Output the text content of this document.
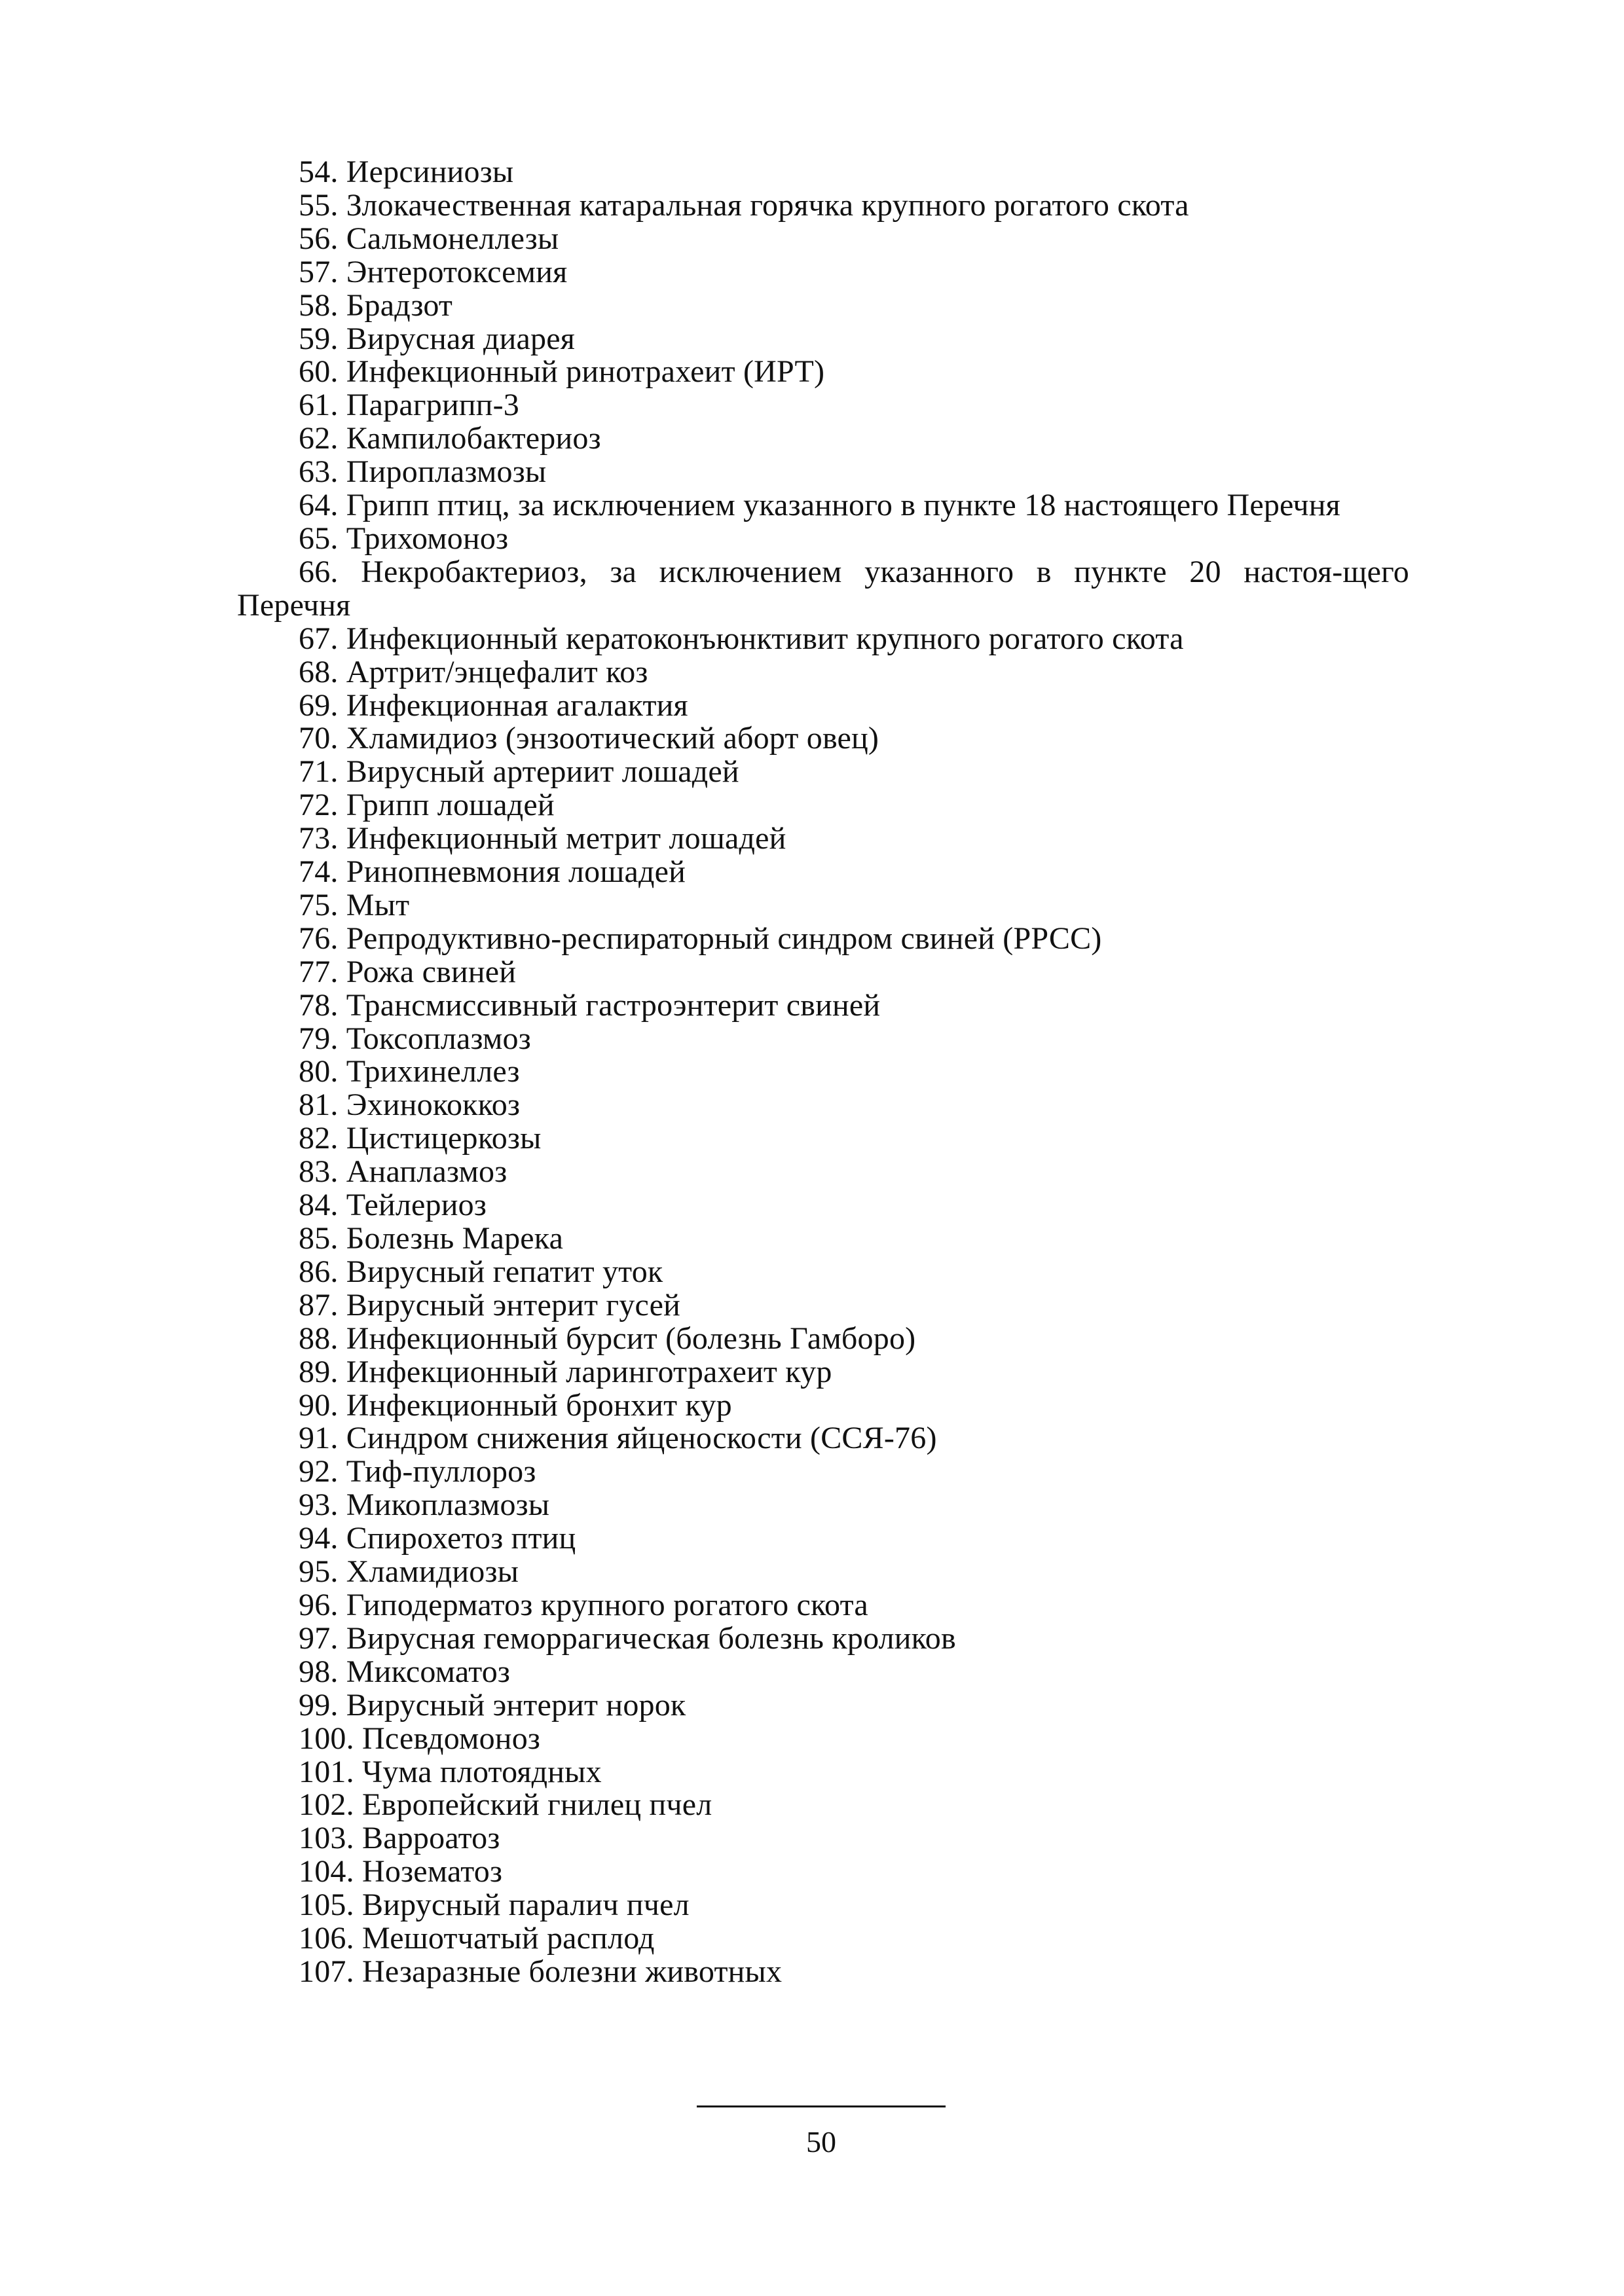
54. Иерсиниозы
55. Злокачественная катаральная горячка крупного рогатого скота
56. Сальмонеллезы
57. Энтеротоксемия
58. Брадзот
59. Вирусная диарея
60. Инфекционный ринотрахеит (ИРТ)
61. Парагрипп-3
62. Кампилобактериоз
63. Пироплазмозы
64. Грипп птиц, за исключением указанного в пункте 18 настоящего Перечня
65. Трихомоноз
66. Некробактериоз, за исключением указанного в пункте 20 настоя-щего Перечня
67. Инфекционный кератоконъюнктивит крупного рогатого скота
68. Артрит/энцефалит коз
69. Инфекционная агалактия
70. Хламидиоз (энзоотический аборт овец)
71. Вирусный артериит лошадей
72. Грипп лошадей
73. Инфекционный метрит лошадей
74. Ринопневмония лошадей
75. Мыт
76. Репродуктивно-респираторный синдром свиней (РРСС)
77. Рожа свиней
78. Трансмиссивный гастроэнтерит свиней
79. Токсоплазмоз
80. Трихинеллез
81. Эхинококкоз
82. Цистицеркозы
83. Анаплазмоз
84. Тейлериоз
85. Болезнь Марека
86. Вирусный гепатит уток
87. Вирусный энтерит гусей
88. Инфекционный бурсит (болезнь Гамборо)
89. Инфекционный ларинготрахеит кур
90. Инфекционный бронхит кур
91. Синдром снижения яйценоскости (ССЯ-76)
92. Тиф-пуллороз
93. Микоплазмозы
94. Спирохетоз птиц
95. Хламидиозы
96. Гиподерматоз крупного рогатого скота
97. Вирусная геморрагическая болезнь кроликов
98. Миксоматоз
99. Вирусный энтерит норок
100. Псевдомоноз
101. Чума плотоядных
102. Европейский гнилец пчел
103. Варроатоз
104. Нозематоз
105. Вирусный паралич пчел
106. Мешотчатый расплод
107. Незаразные болезни животных
50
